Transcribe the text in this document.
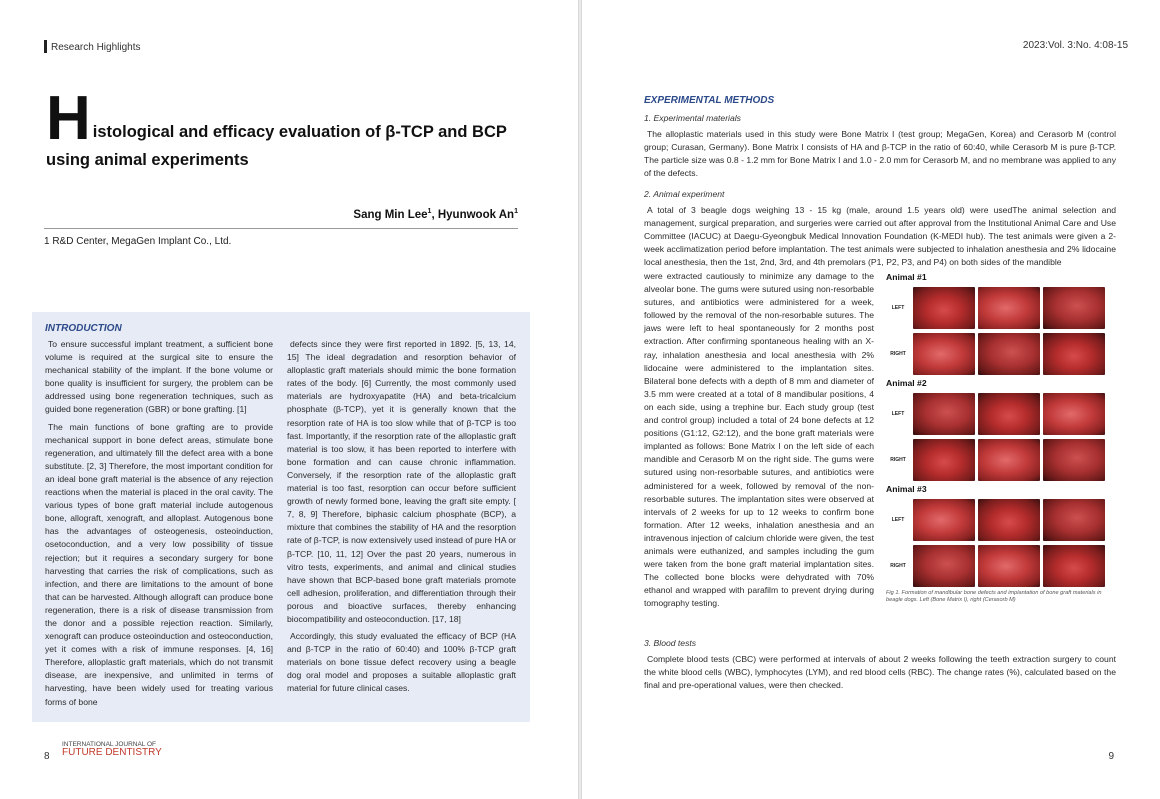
Research Highlights
H istological and efficacy evaluation of β-TCP and BCP using animal experiments
Sang Min Lee$^1$, Hyunwook An$^1$
1 R&D Center, MegaGen Implant Co., Ltd.
INTRODUCTION

To ensure successful implant treatment, a sufficient bone volume is required at the surgical site to ensure the mechanical stability of the implant. If the bone volume or bone quality is insufficient for surgery, the problem can be addressed using bone regeneration techniques, such as guided bone regeneration (GBR) or bone grafting. [1]

The main functions of bone grafting are to provide mechanical support in bone defect areas, stimulate bone regeneration, and ultimately fill the defect area with a bone substitute. [2, 3] Therefore, the most important condition for an ideal bone graft material is the absence of any rejection reactions when the material is placed in the oral cavity. The various types of bone graft material include autogenous bone, allograft, xenograft, and alloplast. Autogenous bone has the advantages of osteogenesis, osteoinduction, osetoconduction, and a very low possibility of tissue rejection; but it requires a secondary surgery for bone harvesting that carries the risk of complications, such as infection, and there are limitations to the amount of bone that can be harvested. Although allograft can produce bone regeneration, there is a risk of disease transmission from the donor and a possible rejection reaction. Similarly, xenograft can produce osteoinduction and osteoconduction, yet it comes with a risk of immune responses. [4, 16] Therefore, alloplastic graft materials, which do not transmit disease, are inexpensive, and unlimited in terms of harvesting, have been widely used for treating various forms of bone

defects since they were first reported in 1892. [5, 13, 14, 15] The ideal degradation and resorption behavior of alloplastic graft materials should mimic the bone formation rates of the body. [6] Currently, the most commonly used materials are hydroxyapatite (HA) and beta-tricalcium phosphate (β-TCP), yet it is generally known that the resorption rate of HA is too slow while that of β-TCP is too fast. Importantly, if the resorption rate of the alloplastic graft material is too slow, it has been reported to interfere with bone formation and can cause chronic inflammation. Conversely, if the resorption rate of the alloplastic graft material is too fast, resorption can occur before sufficient growth of newly formed bone, leaving the graft site empty. [ 7, 8, 9] Therefore, biphasic calcium phosphate (BCP), a mixture that combines the stability of HA and the resorption rate of β-TCP, is now extensively used instead of pure HA or β-TCP. [10, 11, 12] Over the past 20 years, numerous in vitro tests, experiments, and animal and clinical studies have shown that BCP-based bone graft materials promote cell adhesion, proliferation, and differentiation through their porous and bioactive surfaces, thereby enhancing biocompatibility and osteoconduction. [17, 18]

Accordingly, this study evaluated the efficacy of BCP (HA and β-TCP in the ratio of 60:40) and 100% β-TCP graft materials on bone tissue defect recovery using a beagle dog oral model and proposes a suitable alloplastic graft material for future clinical cases.

8
INTERNATIONAL JOURNAL OF
FUTURE DENTISTRY
2023:Vol. 3:No. 4:08-15
EXPERIMENTAL METHODS
1. Experimental materials

The alloplastic materials used in this study were Bone Matrix I (test group; MegaGen, Korea) and Cerasorb M (control group; Curasan, Germany). Bone Matrix I consists of HA and β-TCP in the ratio of 60:40, while Cerasorb M is pure β-TCP. The particle size was 0.8 - 1.2 mm for Bone Matrix I and 1.0 - 2.0 mm for Cerasorb M, and no membrane was applied to any of the defects.

2. Animal experiment

A total of 3 beagle dogs weighing 13 - 15 kg (male, around 1.5 years old) were usedThe animal selection and management, surgical preparation, and surgeries were carried out after approval from the Institutional Animal Care and Use Committee (IACUC) at Daegu-Gyeongbuk Medical Innovation Foundation (K-MEDI hub). The test animals were given a 2-week acclimatization period before implantation. The test animals were subjected to inhalation anesthesia and 2% lidocaine local anesthesia, then the 1st, 2nd, 3rd, and 4th premolars (P1, P2, P3, and P4) on both sides of the mandible

were extracted cautiously to minimize any damage to the alveolar bone. The gums were sutured using non-resorbable sutures, and antibiotics were administered for a week, followed by the removal of the non-resorbable sutures. The jaws were left to heal spontaneously for 2 months post extraction. After confirming spontaneous healing with an X-ray, inhalation anesthesia and local anesthesia with 2% lidocaine were administered to the implantation sites. Bilateral bone defects with a depth of 8 mm and diameter of 3.5 mm were created at a total of 8 mandibular positions, 4 on each side, using a trephine bur. Each study group (test and control group) included a total of 24 bone defects at 12 positions (G1:12, G2:12), and the bone graft materials were implanted as follows: Bone Matrix I on the left side of each mandible and Cerasorb M on the right side. The gums were sutured using non-resorbable sutures, and antibiotics were administered for a week, followed by removal of the non-resorbable sutures. The implantation sites were observed at intervals of 2 weeks for up to 12 weeks to confirm bone formation. After 12 weeks, inhalation anesthesia and an intravenous injection of calcium chloride were given, the test animals were euthanized, and samples including the gum were taken from the bone graft material implantation sites. The collected bone blocks were dehydrated with 70% ethanol and wrapped with parafilm to prevent drying during tomography testing.

Animal #1
LEFT
RIGHT
Animal #2
LEFT
RIGHT
Animal #3
LEFT
RIGHT
Fig 1. Formation of mandibular bone defects and implantation of bone graft materials in beagle dogs. Left (Bone Matrix I), right (Cerasorb M)
3. Blood tests

Complete blood tests (CBC) were performed at intervals of about 2 weeks following the teeth extraction surgery to count the white blood cells (WBC), lymphocytes (LYM), and red blood cells (RBC). The change rates (%), calculated based on the final and pre-operational values, were then checked.

9
